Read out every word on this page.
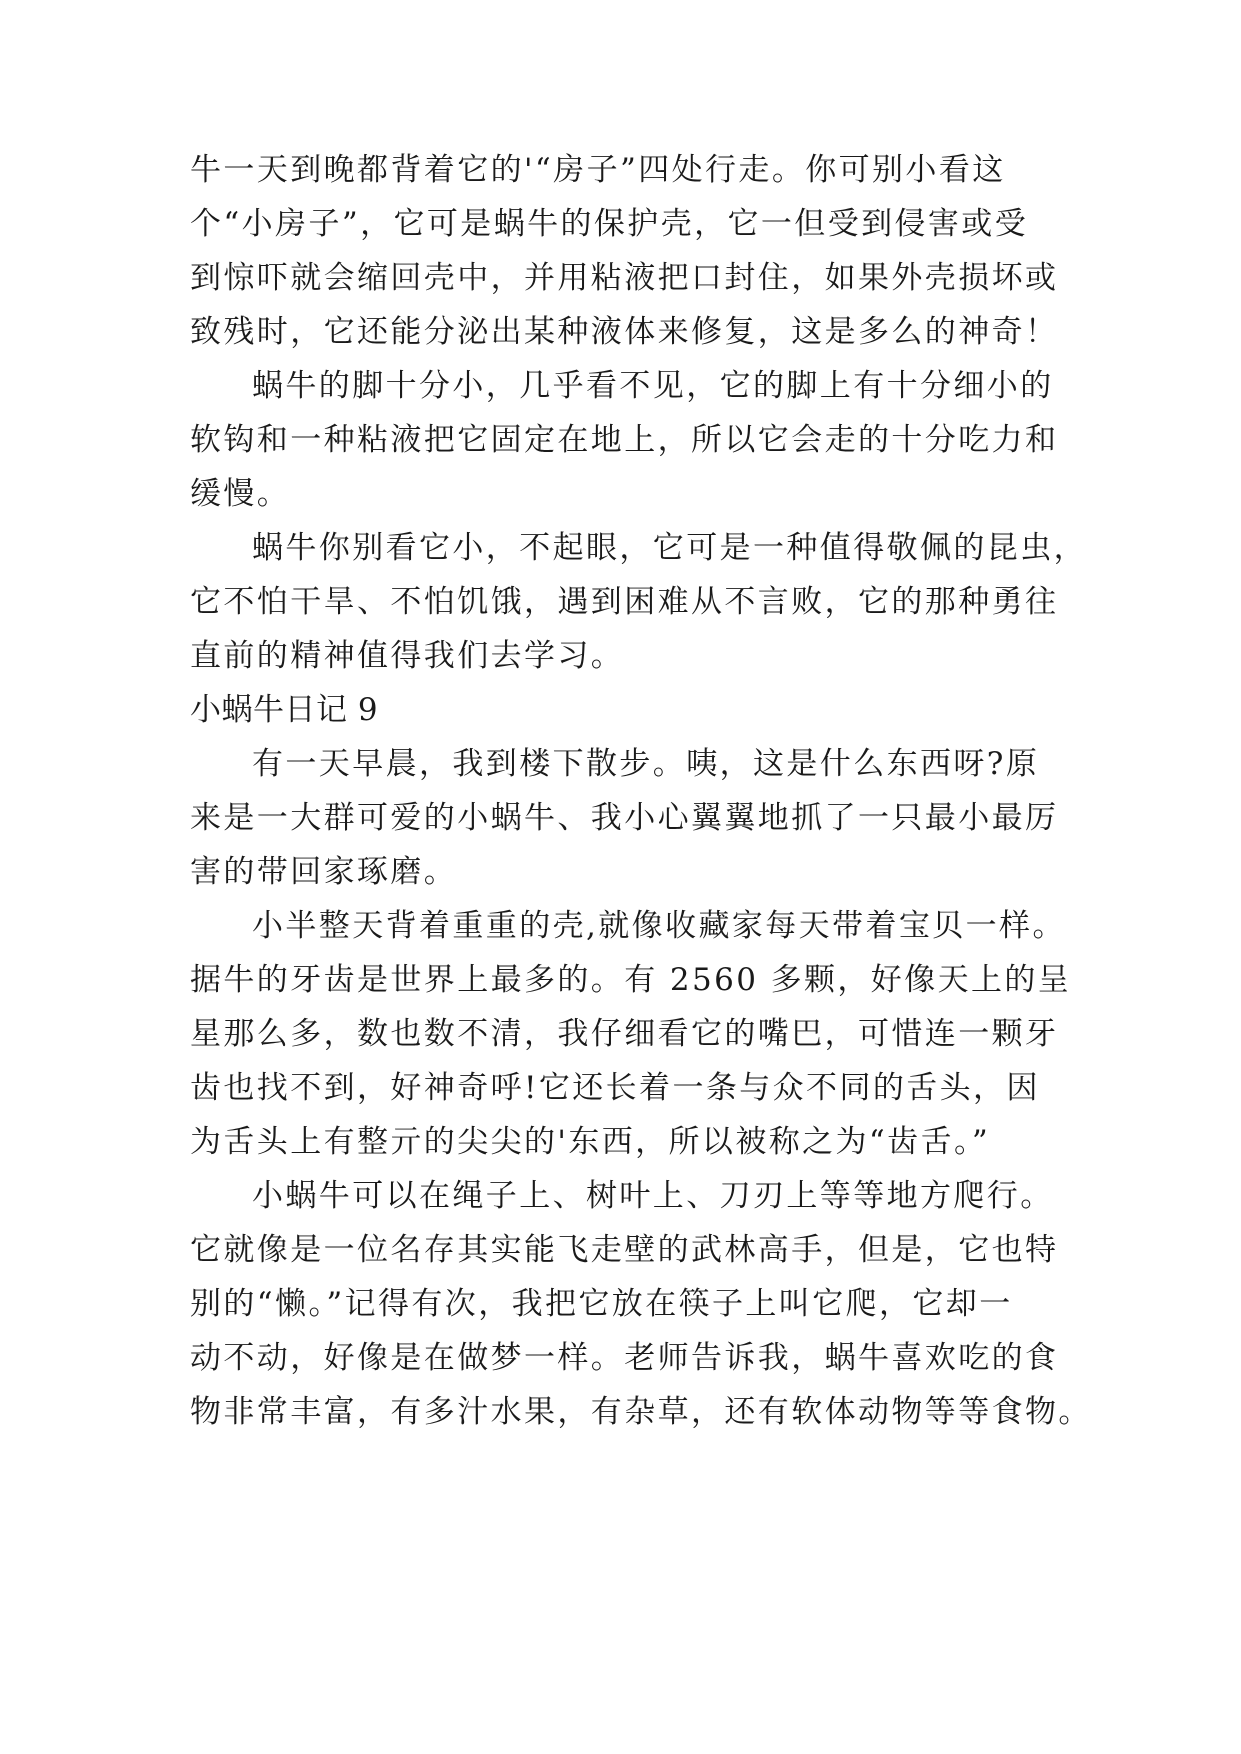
牛一天到晚都背着它的'“房子”四处行走。你可别小看这
个“小房子”，它可是蜗牛的保护壳，它一但受到侵害或受
到惊吓就会缩回壳中，并用粘液把口封住，如果外壳损坏或
致残时，它还能分泌出某种液体来修复，这是多么的神奇！
蜗牛的脚十分小，几乎看不见，它的脚上有十分细小的
软钩和一种粘液把它固定在地上，所以它会走的十分吃力和
缓慢。
蜗牛你别看它小，不起眼，它可是一种值得敬佩的昆虫，
它不怕干旱、不怕饥饿，遇到困难从不言败，它的那种勇往
直前的精神值得我们去学习。
小蜗牛日记 9
有一天早晨，我到楼下散步。咦，这是什么东西呀?原
来是一大群可爱的小蜗牛、我小心翼翼地抓了一只最小最厉
害的带回家琢磨。
小半整天背着重重的壳,就像收藏家每天带着宝贝一样。
据牛的牙齿是世界上最多的。有 2560 多颗，好像天上的呈
星那么多，数也数不清，我仔细看它的嘴巴，可惜连一颗牙
齿也找不到，好神奇呼!它还长着一条与众不同的舌头，因
为舌头上有整亓的尖尖的'东西，所以被称之为“齿舌。”
小蜗牛可以在绳子上、树叶上、刀刃上等等地方爬行。
它就像是一位名存其实能飞走壁的武林高手，但是，它也特
别的“懒。”记得有次，我把它放在筷子上叫它爬，它却一
动不动，好像是在做梦一样。老师告诉我，蜗牛喜欢吃的食
物非常丰富，有多汁水果，有杂草，还有软体动物等等食物。
